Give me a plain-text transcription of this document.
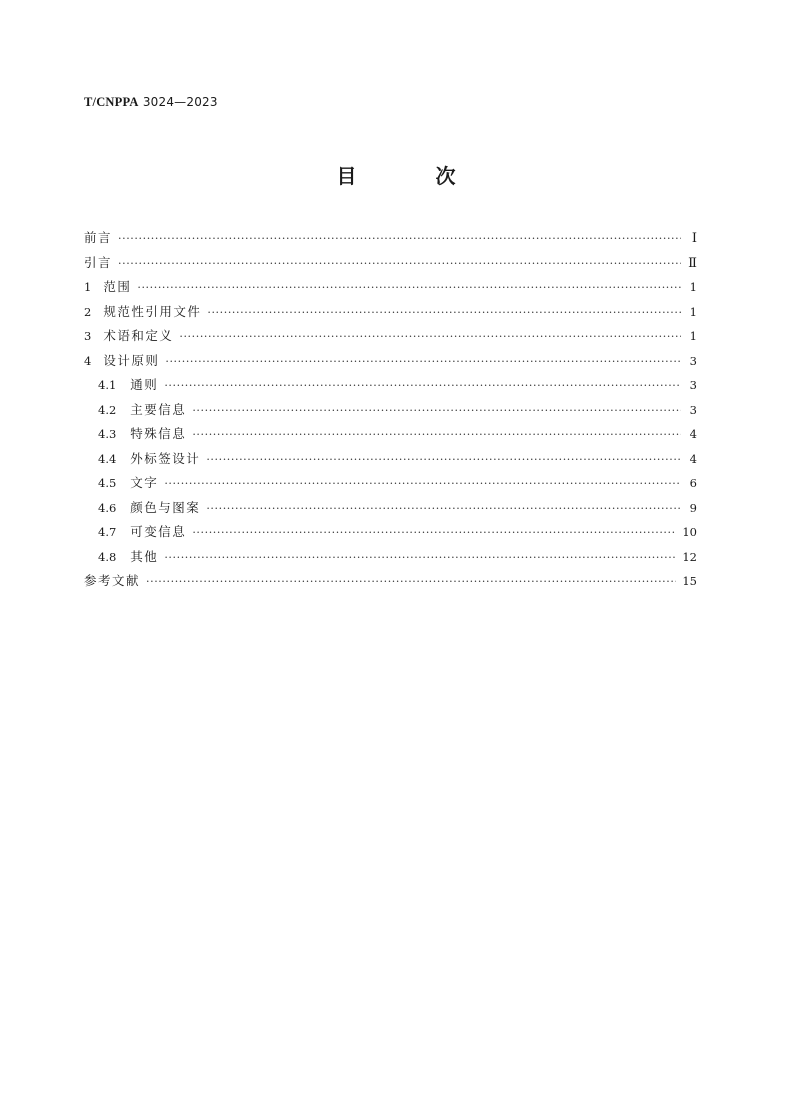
T/CNPPA 3024—2023
目 次
前言 ·····	Ⅰ
引言 ·····	Ⅱ
1 范围 ·····	1
2 规范性引用文件 ·····	1
3 术语和定义 ·····	1
4 设计原则 ·····	3
4.1 通则 ·····	3
4.2 主要信息 ·····	3
4.3 特殊信息 ·····	4
4.4 外标签设计 ·····	4
4.5 文字 ·····	6
4.6 颜色与图案 ·····	9
4.7 可变信息 ·····	10
4.8 其他 ·····	12
参考文献 ·····	15
